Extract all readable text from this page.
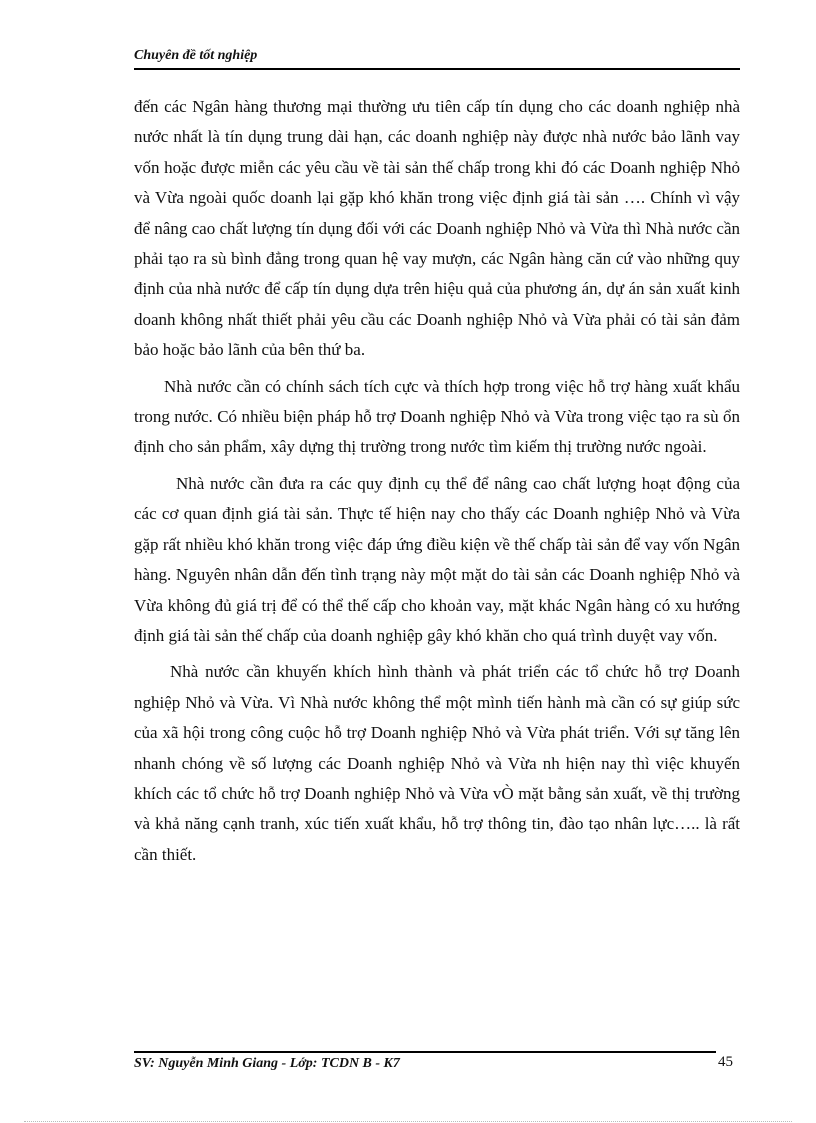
Chuyên đề tốt nghiệp

đến các Ngân hàng thương mại thường ưu tiên cấp tín dụng cho các doanh nghiệp nhà nước nhất là tín dụng trung dài hạn, các doanh nghiệp này được nhà nước bảo lãnh vay vốn hoặc được miễn các yêu cầu về tài sản thế chấp trong khi đó các Doanh nghiệp Nhỏ và Vừa ngoài quốc doanh lại gặp khó khăn trong việc định giá tài sản …. Chính vì vậy để nâng cao chất lượng tín dụng đối với các Doanh nghiệp Nhỏ và Vừa thì Nhà nước cần phải tạo ra sù bình đẳng trong quan hệ vay mượn, các Ngân hàng căn cứ vào những quy định của nhà nước để cấp tín dụng dựa trên hiệu quả của phương án, dự án sản xuất kinh doanh không nhất thiết phải yêu cầu các Doanh nghiệp Nhỏ và Vừa phải có tài sản đảm bảo hoặc bảo lãnh của bên thứ ba.

Nhà nước cần có chính sách tích cực và thích hợp trong việc hỗ trợ hàng xuất khẩu trong nước. Có nhiều biện pháp hỗ trợ Doanh nghiệp Nhỏ và Vừa trong việc tạo ra sù ổn định cho sản phẩm, xây dựng thị trường trong nước tìm kiếm thị trường nước ngoài.

Nhà nước cần đưa ra các quy định cụ thể để nâng cao chất lượng hoạt động của các cơ quan định giá tài sản. Thực tế hiện nay cho thấy các Doanh nghiệp Nhỏ và Vừa gặp rất nhiều khó khăn trong việc đáp ứng điều kiện về thế chấp tài sản để vay vốn Ngân hàng. Nguyên nhân dẫn đến tình trạng này một mặt do tài sản các Doanh nghiệp Nhỏ và Vừa không đủ giá trị để có thể thế cấp cho khoản vay, mặt khác Ngân hàng có xu hướng định giá tài sản thế chấp của doanh nghiệp gây khó khăn cho quá trình duyệt vay vốn.

Nhà nước cần khuyến khích hình thành và phát triển các tổ chức hỗ trợ Doanh nghiệp Nhỏ và Vừa. Vì Nhà nước không thể một mình tiến hành mà cần có sự giúp sức của xã hội trong công cuộc hỗ trợ Doanh nghiệp Nhỏ và Vừa phát triển. Với sự tăng lên nhanh chóng về số lượng các Doanh nghiệp Nhỏ và Vừa nh hiện nay thì việc khuyến khích các tổ chức hỗ trợ Doanh nghiệp Nhỏ và Vừa vÒ mặt bằng sản xuất, về thị trường và khả năng cạnh tranh, xúc tiến xuất khẩu, hỗ trợ thông tin, đào tạo nhân lực….. là rất cần thiết.

SV: Nguyễn Minh Giang - Lớp: TCDN B - K7	45
